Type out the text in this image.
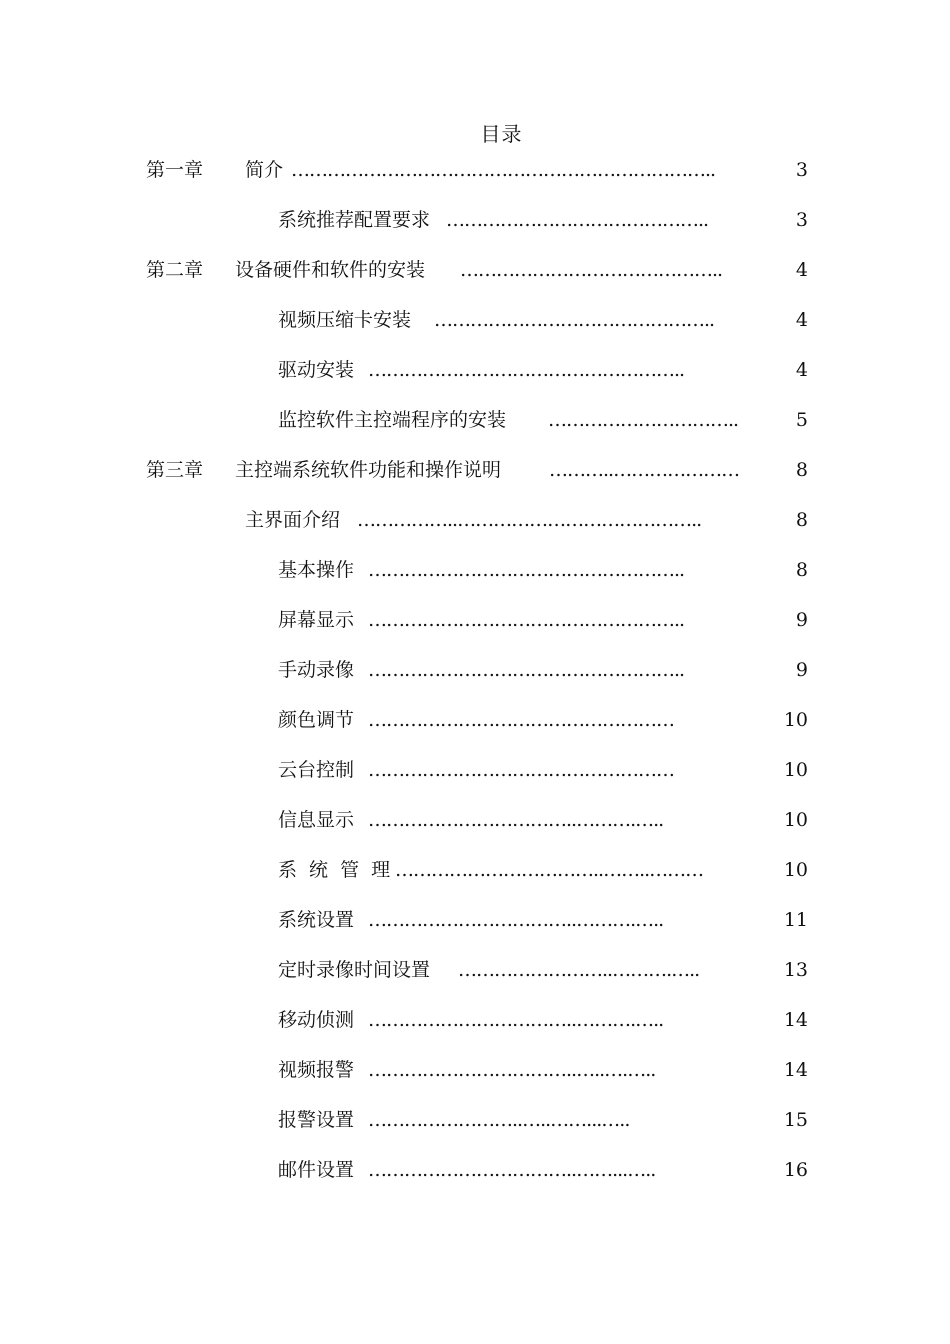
目录
第一章 简介 ……………………………………………………………..	3
系统推荐配置要求 ……………………………………..	3
第二章 设备硬件和软件的安装 ……………………………………..	4
视频压缩卡安装 ………………………………………..	4
驱动安装 ……………………………………………..	4
监控软件主控端程序的安装 …………………………..	5
第三章 主控端系统软件功能和操作说明	………..…………………	8
主界面介绍 ……………..…………………………………..	8
基本操作 ……………………………………………..	8
屏幕显示 ……………………………………………..	9
手动录像 ……………………………………………..	9
颜色调节 ……………………………………………	10
云台控制 ……………………………………………	10
信息显示 ……………………………..……….…..	10
系 统 管 理 ……………………………..……..………	10
系统设置 ……………………………..……….…..	11
定时录像时间设置 ……………………..……….…..	13
移动侦测 ……………………………..……….…..	14
视频报警 ……………………………..…..….…..	14
报警设置 ……………………..…..……...…..	15
邮件设置 ……………………………..……...…..	16
